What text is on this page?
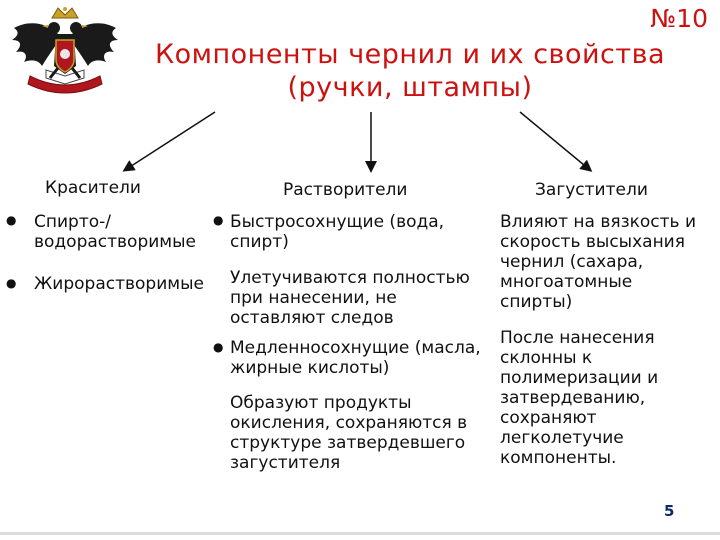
№10
Компоненты чернил и их свойства
(ручки, штампы)
Красители
● Спирто-/
водорастворимые
● Жирорастворимые
Растворители
● Быстросохнущие (вода,
спирт)
Улетучиваются полностью
при нанесении, не
оставляют следов
● Медленносохнущие (масла,
жирные кислоты)
Образуют продукты
окисления, сохраняются в
структуре затвердевшего
загустителя
Загустители
Влияют на вязкость и
скорость высыхания
чернил (сахара,
многоатомные
спирты)
После нанесения
склонны к
полимеризации и
затвердеванию,
сохраняют
легколетучие
компоненты.
5
